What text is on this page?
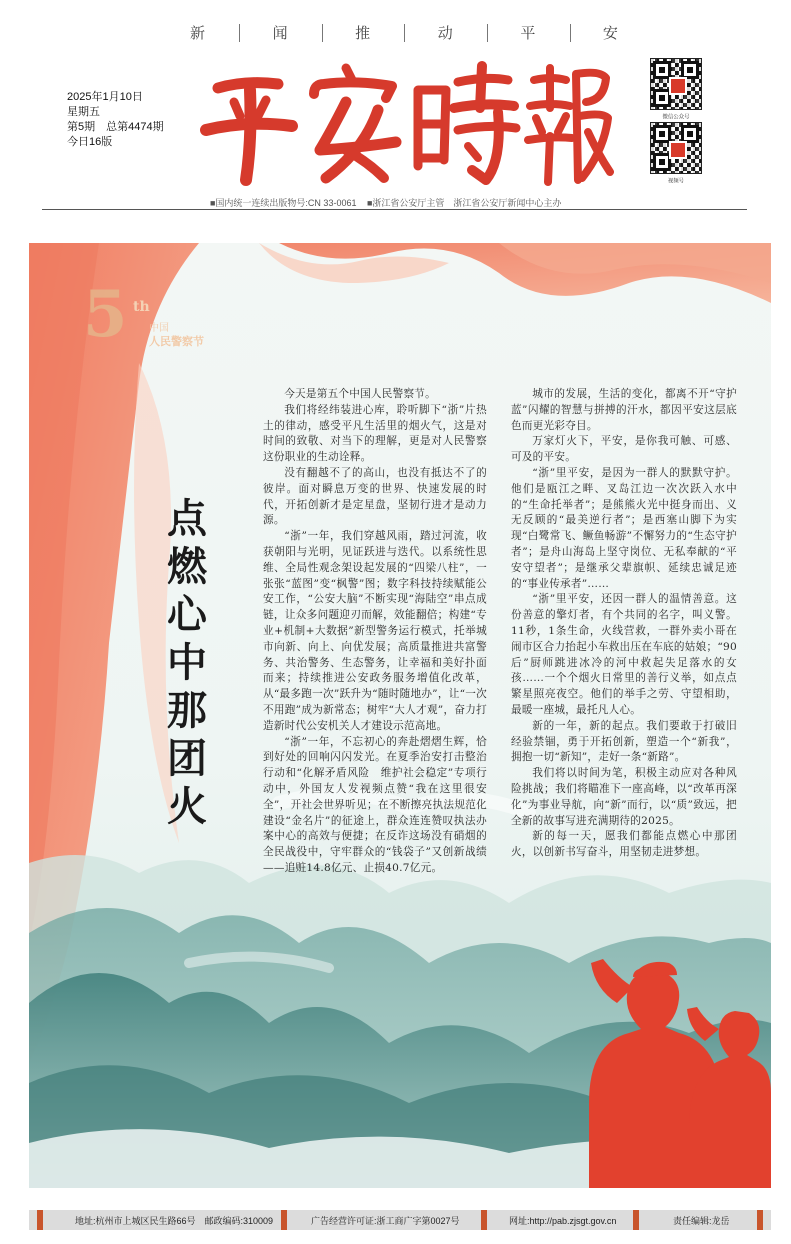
新	闻	推	动	平	安
2025年1月10日
星期五
第5期　总第4474期
今日16版
微信公众号
视频号
■国内统一连续出版物号:CN 33-0061 ■浙江省公安厅主管　浙江省公安厅新闻中心主办
5 th
中国
人民警察节
点
燃
心
中
那
团
火

今天是第五个中国人民警察节。

我们将经纬装进心库，聆听脚下“浙”片热土的律动，感受平凡生活里的烟火气，这是对时间的致敬、对当下的理解，更是对人民警察这份职业的生动诠释。

没有翻越不了的高山，也没有抵达不了的彼岸。面对瞬息万变的世界、快速发展的时代，开拓创新才是定星盘，坚韧行进才是动力源。

“浙”一年，我们穿越风雨，踏过河流，收获朝阳与光明，见证跃进与迭代。以系统性思维、全局性观念架设起发展的“四梁八柱”，一张张“蓝图”变“枫警”图；数字科技持续赋能公安工作，“公安大脑”不断实现“海陆空”串点成链，让众多问题迎刃而解，效能翻倍；构建“专业+机制+大数据”新型警务运行模式，托举城市向新、向上、向优发展；高质量推进共富警务、共治警务、生态警务，让幸福和美好扑面而来；持续推进公安政务服务增值化改革，从“最多跑一次”跃升为“随时随地办”，让“一次不用跑”成为新常态；树牢“大人才观”，奋力打造新时代公安机关人才建设示范高地。

“浙”一年，不忘初心的奔赴熠熠生辉，恰到好处的回响闪闪发光。在夏季治安打击整治行动和“化解矛盾风险　维护社会稳定”专项行动中，外国友人发视频点赞“我在这里很安全”，开社会世界听见；在不断擦亮执法规范化建设“金名片”的征途上，群众连连赞叹执法办案中心的高效与便捷；在反诈这场没有硝烟的全民战役中，守牢群众的“钱袋子”又创新战绩——追赃14.8亿元、止损40.7亿元。

城市的发展，生活的变化，都离不开“守护蓝”闪耀的智慧与拼搏的汗水，都因平安这层底色而更光彩夺目。

万家灯火下，平安，是你我可触、可感、可及的平安。

“浙”里平安，是因为一群人的默默守护。他们是瓯江之畔、叉岛江边一次次跃入水中的“生命托举者”；是熊熊火光中挺身而出、义无反顾的“最美逆行者”；是西塞山脚下为实现“白鹭常飞、鳜鱼畅游”不懈努力的“生态守护者”；是舟山海岛上坚守岗位、无私奉献的“平安守望者”；是继承父辈旗帜、延续忠诚足迹的“事业传承者”……

“浙”里平安，还因一群人的温情善意。这份善意的擎灯者，有个共同的名字，叫义警。11秒，1条生命，火线营救，一群外卖小哥在闹市区合力抬起小车救出压在车底的姑娘；“90后”厨师跳进冰冷的河中救起失足落水的女孩……一个个烟火日常里的善行义举，如点点繁星照亮夜空。他们的举手之劳、守望相助，最暖一座城，最托凡人心。

新的一年，新的起点。我们要敢于打破旧经验禁锢，勇于开拓创新，塑造一个“新我”，拥抱一切“新知”，走好一条“新路”。

我们将以时间为笔，积极主动应对各种风险挑战；我们将瞄准下一座高峰，以“改革再深化”为事业导航，向“新”而行，以“质”致远，把全新的故事写进充满期待的2025。

新的每一天，愿我们都能点燃心中那团火，以创新书写奋斗，用坚韧走进梦想。

地址:杭州市上城区民生路66号　邮政编码:310009	广告经营许可证:浙工商广字第0027号	网址:http://pab.zjsgt.gov.cn	责任编辑:龙岳
